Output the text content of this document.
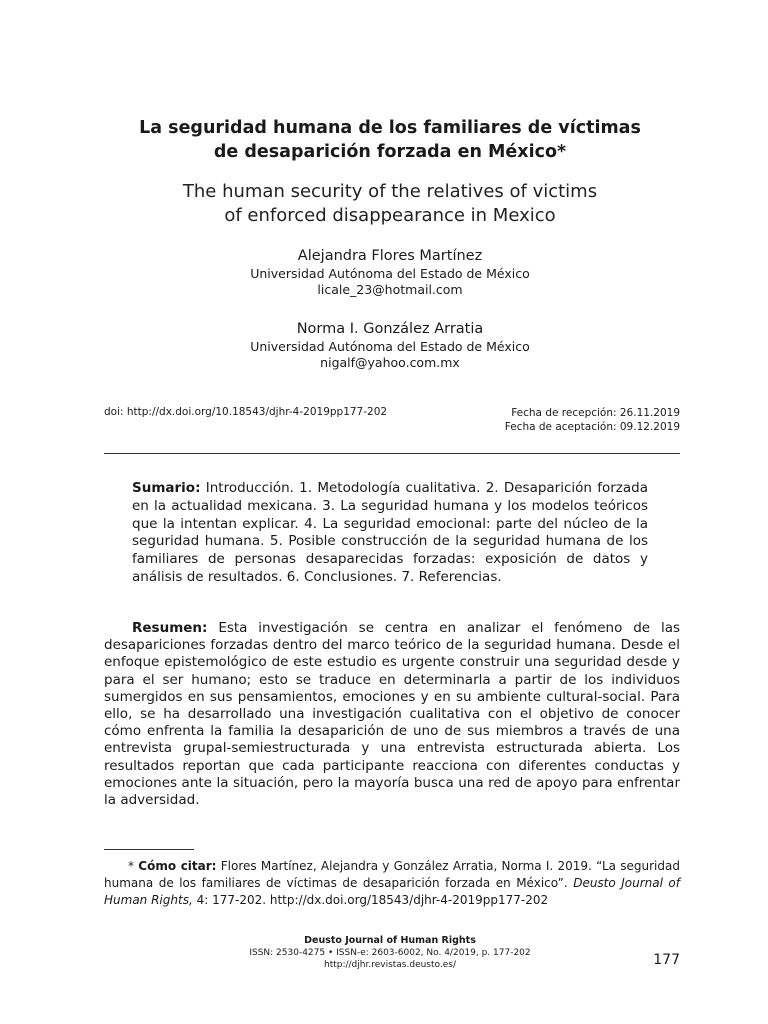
La seguridad humana de los familiares de víctimas
de desaparición forzada en México*
The human security of the relatives of victims
of enforced disappearance in Mexico
Alejandra Flores Martínez
Universidad Autónoma del Estado de México
licale_23@hotmail.com
Norma I. González Arratia
Universidad Autónoma del Estado de México
nigalf@yahoo.com.mx
doi: http://dx.doi.org/10.18543/djhr-4-2019pp177-202	Fecha de recepción: 26.11.2019
Fecha de aceptación: 09.12.2019
Sumario: Introducción. 1. Metodología cualitativa. 2. Desaparición forzada en la actualidad mexicana. 3. La seguridad humana y los modelos teóricos que la intentan explicar. 4. La seguridad emocional: parte del núcleo de la seguridad humana. 5. Posible construcción de la seguridad humana de los familiares de personas desaparecidas forzadas: exposición de datos y análisis de resultados. 6. Conclusiones. 7. Referencias.
Resumen: Esta investigación se centra en analizar el fenómeno de las desapariciones forzadas dentro del marco teórico de la seguridad humana. Desde el enfoque epistemológico de este estudio es urgente construir una seguridad desde y para el ser humano; esto se traduce en determinarla a partir de los individuos sumergidos en sus pensamientos, emociones y en su ambiente cultural-social. Para ello, se ha desarrollado una investigación cualitativa con el objetivo de conocer cómo enfrenta la familia la desaparición de uno de sus miembros a través de una entrevista grupal-semiestructurada y una entrevista estructurada abierta. Los resultados reportan que cada participante reacciona con diferentes conductas y emociones ante la situación, pero la mayoría busca una red de apoyo para enfrentar la adversidad.
* Cómo citar: Flores Martínez, Alejandra y González Arratia, Norma I. 2019. “La seguridad humana de los familiares de víctimas de desaparición forzada en México”. Deusto Journal of Human Rights, 4: 177-202. http://dx.doi.org/18543/djhr-4-2019pp177-202
Deusto Journal of Human Rights
ISSN: 2530-4275 • ISSN-e: 2603-6002, No. 4/2019, p. 177-202
http://djhr.revistas.deusto.es/	177
